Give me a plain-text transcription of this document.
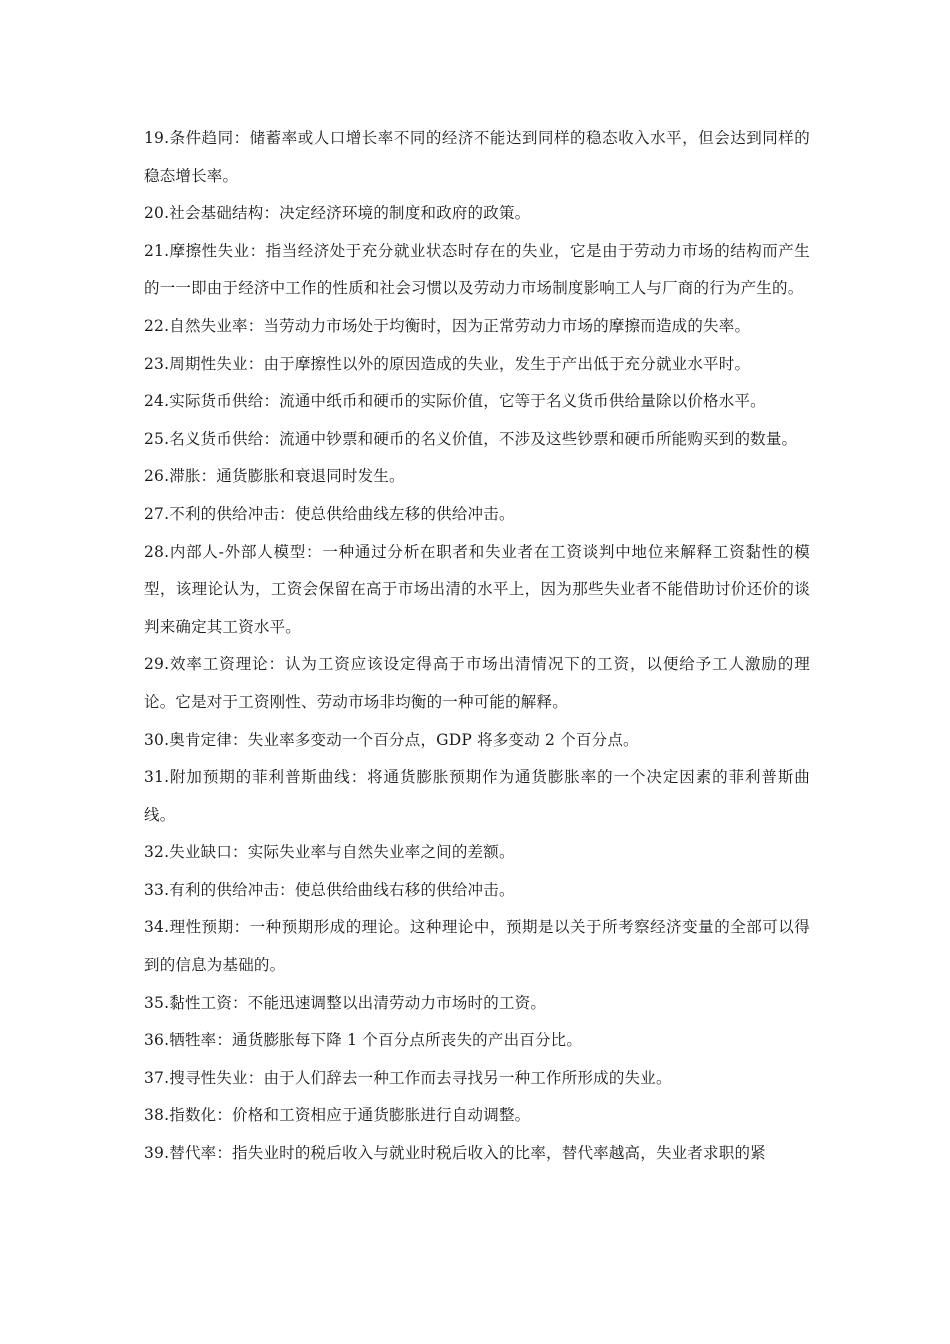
19.条件趋同：储蓄率或人口增长率不同的经济不能达到同样的稳态收入水平，但会达到同样的稳态增长率。

20.社会基础结构：决定经济环境的制度和政府的政策。

21.摩擦性失业：指当经济处于充分就业状态时存在的失业，它是由于劳动力市场的结构而产生的一一即由于经济中工作的性质和社会习惯以及劳动力市场制度影响工人与厂商的行为产生的。

22.自然失业率：当劳动力市场处于均衡时，因为正常劳动力市场的摩擦而造成的失率。

23.周期性失业：由于摩擦性以外的原因造成的失业，发生于产出低于充分就业水平时。

24.实际货币供给：流通中纸币和硬币的实际价值，它等于名义货币供给量除以价格水平。

25.名义货币供给：流通中钞票和硬币的名义价值，不涉及这些钞票和硬币所能购买到的数量。

26.滞胀：通货膨胀和衰退同时发生。

27.不利的供给冲击：使总供给曲线左移的供给冲击。

28.内部人-外部人模型：一种通过分析在职者和失业者在工资谈判中地位来解释工资黏性的模型，该理论认为，工资会保留在高于市场出清的水平上，因为那些失业者不能借助讨价还价的谈判来确定其工资水平。

29.效率工资理论：认为工资应该设定得高于市场出清情况下的工资，以便给予工人激励的理论。它是对于工资刚性、劳动市场非均衡的一种可能的解释。

30.奥肯定律：失业率多变动一个百分点，GDP 将多变动 2 个百分点。

31.附加预期的菲利普斯曲线：将通货膨胀预期作为通货膨胀率的一个决定因素的菲利普斯曲线。

32.失业缺口：实际失业率与自然失业率之间的差额。

33.有利的供给冲击：使总供给曲线右移的供给冲击。

34.理性预期：一种预期形成的理论。这种理论中，预期是以关于所考察经济变量的全部可以得到的信息为基础的。

35.黏性工资：不能迅速调整以出清劳动力市场时的工资。

36.牺牲率：通货膨胀每下降 1 个百分点所丧失的产出百分比。

37.搜寻性失业：由于人们辞去一种工作而去寻找另一种工作所形成的失业。

38.指数化：价格和工资相应于通货膨胀进行自动调整。

39.替代率：指失业时的税后收入与就业时税后收入的比率，替代率越高，失业者求职的紧
